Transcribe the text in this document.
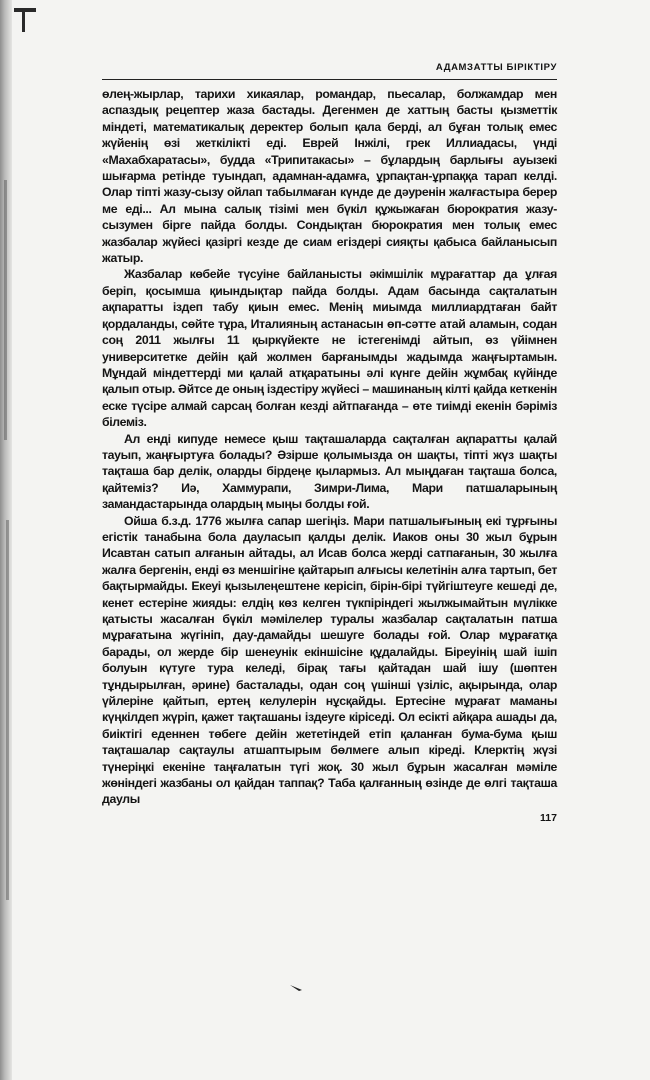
АДАМЗАТТЫ БІРІКТІРУ

өлең-жырлар, тарихи хикаялар, романдар, пьесалар, болжамдар мен аспаздық рецептер жаза бастады. Дегенмен де хаттың басты қызметтік міндеті, математикалық деректер болып қала берді, ал бұған толық емес жүйенің өзі жеткілікті еді. Еврей Інжілі, грек Иллиадасы, үнді «Махабхаратасы», будда «Трипитакасы» – бұлардың барлығы ауызекі шығарма ретінде туындап, адамнан-адамға, ұрпақтан-ұрпаққа тарап келді. Олар тіпті жазу-сызу ойлап табылмаған күнде де дәуренін жалғастыра берер ме еді... Ал мына салық тізімі мен бүкіл құжыжаған бюрократия жазу-сызумен бірге пайда болды. Сондықтан бюрократия мен толық емес жазбалар жүйесі қазіргі кезде де сиам егіздері сияқты қабыса байланысып жатыр.

Жазбалар көбейе түсуіне байланысты әкімшілік мұрағаттар да ұлғая беріп, қосымша қиындықтар пайда болды. Адам басында сақталатын ақпаратты іздеп табу қиын емес. Менің миымда миллиардтаған байт қордаланды, сөйте тұра, Италияның астанасын өп-сәтте атай аламын, содан соң 2011 жылғы 11 қыркүйекте не істегенімді айтып, өз үйімнен университетке дейін қай жолмен барғанымды жадымда жаңғыртамын. Мұндай міндеттерді ми қалай атқаратыны әлі күнге дейін жұмбақ күйінде қалып отыр. Әйтсе де оның іздестіру жүйесі – машинаның кілті қайда кеткенін еске түсіре алмай сарсаң болған кезді айтпағанда – өте тиімді екенін бәріміз білеміз.

Ал енді кипуде немесе қыш тақташаларда сақталған ақпаратты қалай тауып, жаңғыртуға болады? Әзірше қолымызда он шақты, тіпті жүз шақты тақташа бар делік, оларды бірдеңе қылармыз. Ал мыңдаған тақташа болса, қайтеміз? Иә, Хаммурапи, Зимри-Лима, Мари патшаларының замандастарында олардың мыңы болды ғой.

Ойша б.з.д. 1776 жылға сапар шегіңіз. Мари патшалығының екі тұрғыны егістік танабына бола дауласып қалды делік. Иаков оны 30 жыл бұрын Исавтан сатып алғанын айтады, ал Исав болса жерді сатпағанын, 30 жылға жалға бергенін, енді өз меншігіне қайтарып алғысы келетінін алға тартып, бет бақтырмайды. Екеуі қызылеңештене керісіп, бірін-бірі түйгіштеуге кешеді де, кенет естеріне жияды: елдің көз келген түкпіріндегі жылжымайтын мүлікке қатысты жасалған бүкіл мәмілелер туралы жазбалар сақталатын патша мұрағатына жүгініп, дау-дамайды шешуге болады ғой. Олар мұрағатқа барады, ол жерде бір шенеунік екіншісіне құдалайды. Біреуінің шай ішіп болуын күтуге тура келеді, бірақ тағы қайтадан шай ішу (шөптен тұндырылған, әрине) басталады, одан соң үшінші үзіліс, ақырында, олар үйлеріне қайтып, ертең келулерін нұсқайды. Ертесіне мұрағат маманы күңкілдеп жүріп, қажет тақташаны іздеуге кіріседі. Ол есікті айқара ашады да, биіктігі еденнен төбеге дейін жететіндей етіп қаланған бума-бума қыш тақташалар сақтаулы атшаптырым бөлмеге алып кіреді. Клерктің жүзі түнеріңкі екеніне таңғалатын түгі жоқ. 30 жыл бұрын жасалған мәміле жөніндегі жазбаны ол қайдан таппақ? Таба қалғанның өзінде де өлгі тақташа даулы

117
